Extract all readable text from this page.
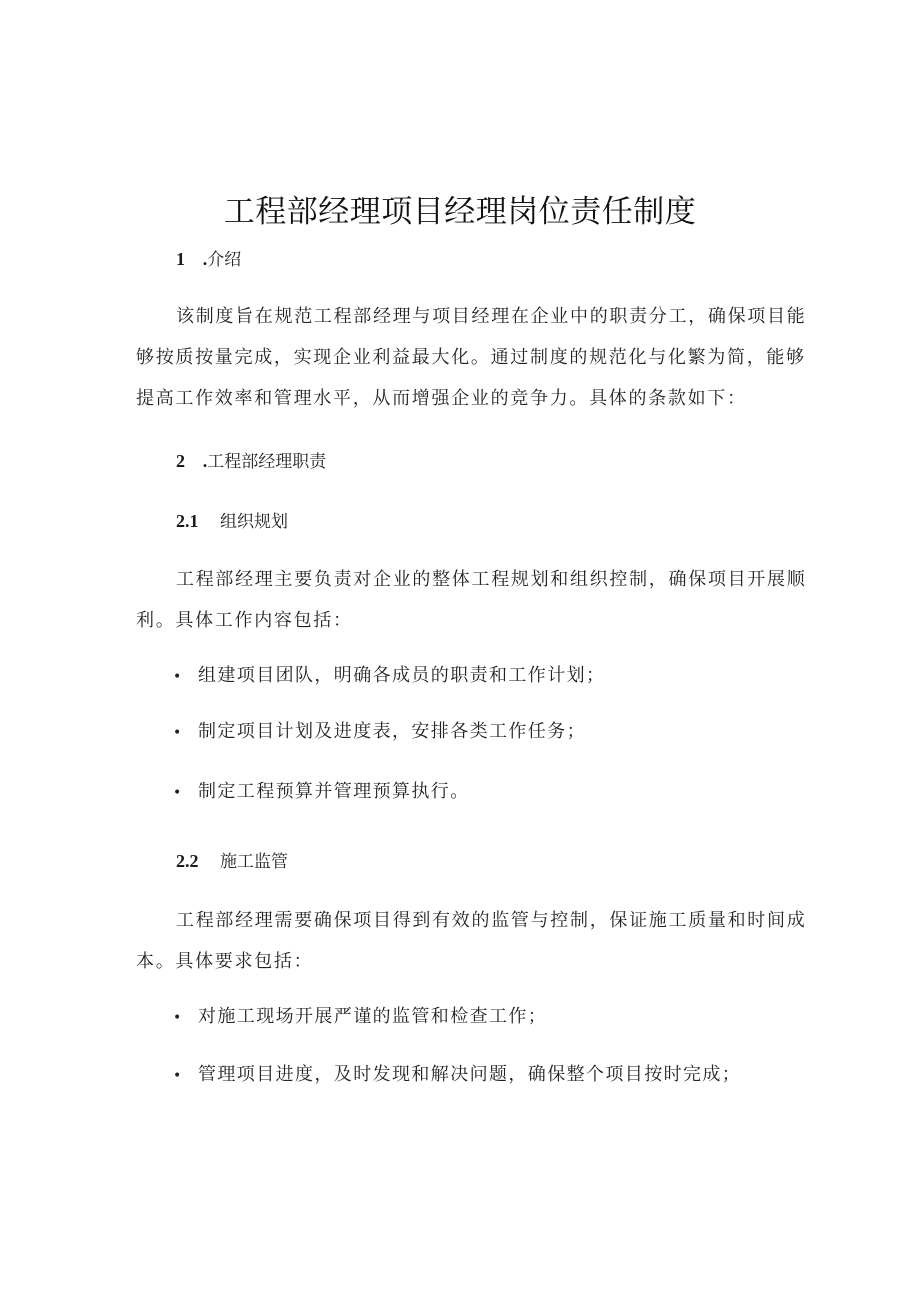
工程部经理项目经理岗位责任制度
1 .介绍

该制度旨在规范工程部经理与项目经理在企业中的职责分工，确保项目能够按质按量完成，实现企业利益最大化。通过制度的规范化与化繁为简，能够提高工作效率和管理水平，从而增强企业的竞争力。具体的条款如下：

2 .工程部经理职责
2.1 组织规划

工程部经理主要负责对企业的整体工程规划和组织控制，确保项目开展顺利。具体工作内容包括：

• 组建项目团队，明确各成员的职责和工作计划；
• 制定项目计划及进度表，安排各类工作任务；
• 制定工程预算并管理预算执行。
2.2 施工监管

工程部经理需要确保项目得到有效的监管与控制，保证施工质量和时间成本。具体要求包括：

• 对施工现场开展严谨的监管和检查工作；
• 管理项目进度，及时发现和解决问题，确保整个项目按时完成；
